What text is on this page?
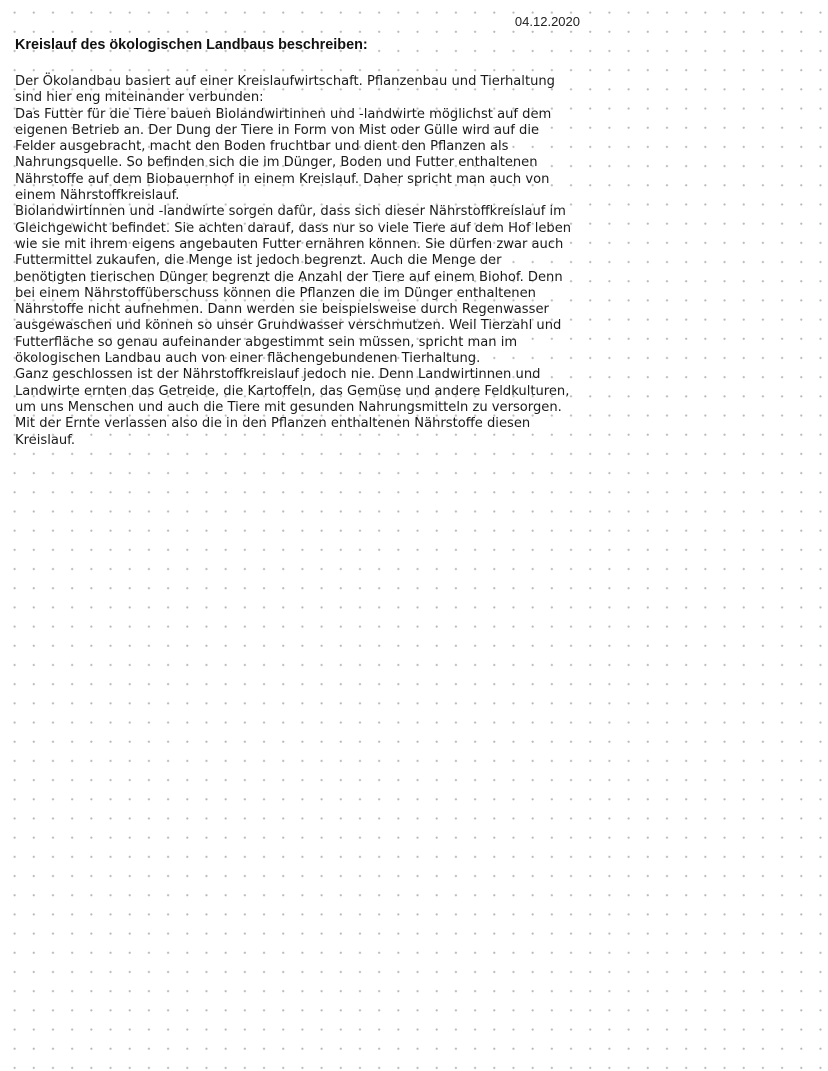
04.12.2020
Kreislauf des ökologischen Landbaus beschreiben:
Der Ökolandbau basiert auf einer Kreislaufwirtschaft. Pflanzenbau und Tierhaltung
sind hier eng miteinander verbunden:
Das Futter für die Tiere bauen Biolandwirtinnen und -landwirte möglichst auf dem
eigenen Betrieb an. Der Dung der Tiere in Form von Mist oder Gülle wird auf die
Felder ausgebracht, macht den Boden fruchtbar und dient den Pflanzen als
Nahrungsquelle. So befinden sich die im Dünger, Boden und Futter enthaltenen
Nährstoffe auf dem Biobauernhof in einem Kreislauf. Daher spricht man auch von
einem Nährstoffkreislauf.
Biolandwirtinnen und -landwirte sorgen dafür, dass sich dieser Nährstoffkreislauf im
Gleichgewicht befindet. Sie achten darauf, dass nur so viele Tiere auf dem Hof leben
wie sie mit ihrem eigens angebauten Futter ernähren können. Sie dürfen zwar auch
Futtermittel zukaufen, die Menge ist jedoch begrenzt. Auch die Menge der
benötigten tierischen Dünger begrenzt die Anzahl der Tiere auf einem Biohof. Denn
bei einem Nährstoffüberschuss können die Pflanzen die im Dünger enthaltenen
Nährstoffe nicht aufnehmen. Dann werden sie beispielsweise durch Regenwasser
ausgewaschen und können so unser Grundwasser verschmutzen. Weil Tierzahl und
Futterfläche so genau aufeinander abgestimmt sein müssen, spricht man im
ökologischen Landbau auch von einer flächengebundenen Tierhaltung.
Ganz geschlossen ist der Nährstoffkreislauf jedoch nie. Denn Landwirtinnen und
Landwirte ernten das Getreide, die Kartoffeln, das Gemüse und andere Feldkulturen,
um uns Menschen und auch die Tiere mit gesunden Nahrungsmitteln zu versorgen.
Mit der Ernte verlassen also die in den Pflanzen enthaltenen Nährstoffe diesen
Kreislauf.
